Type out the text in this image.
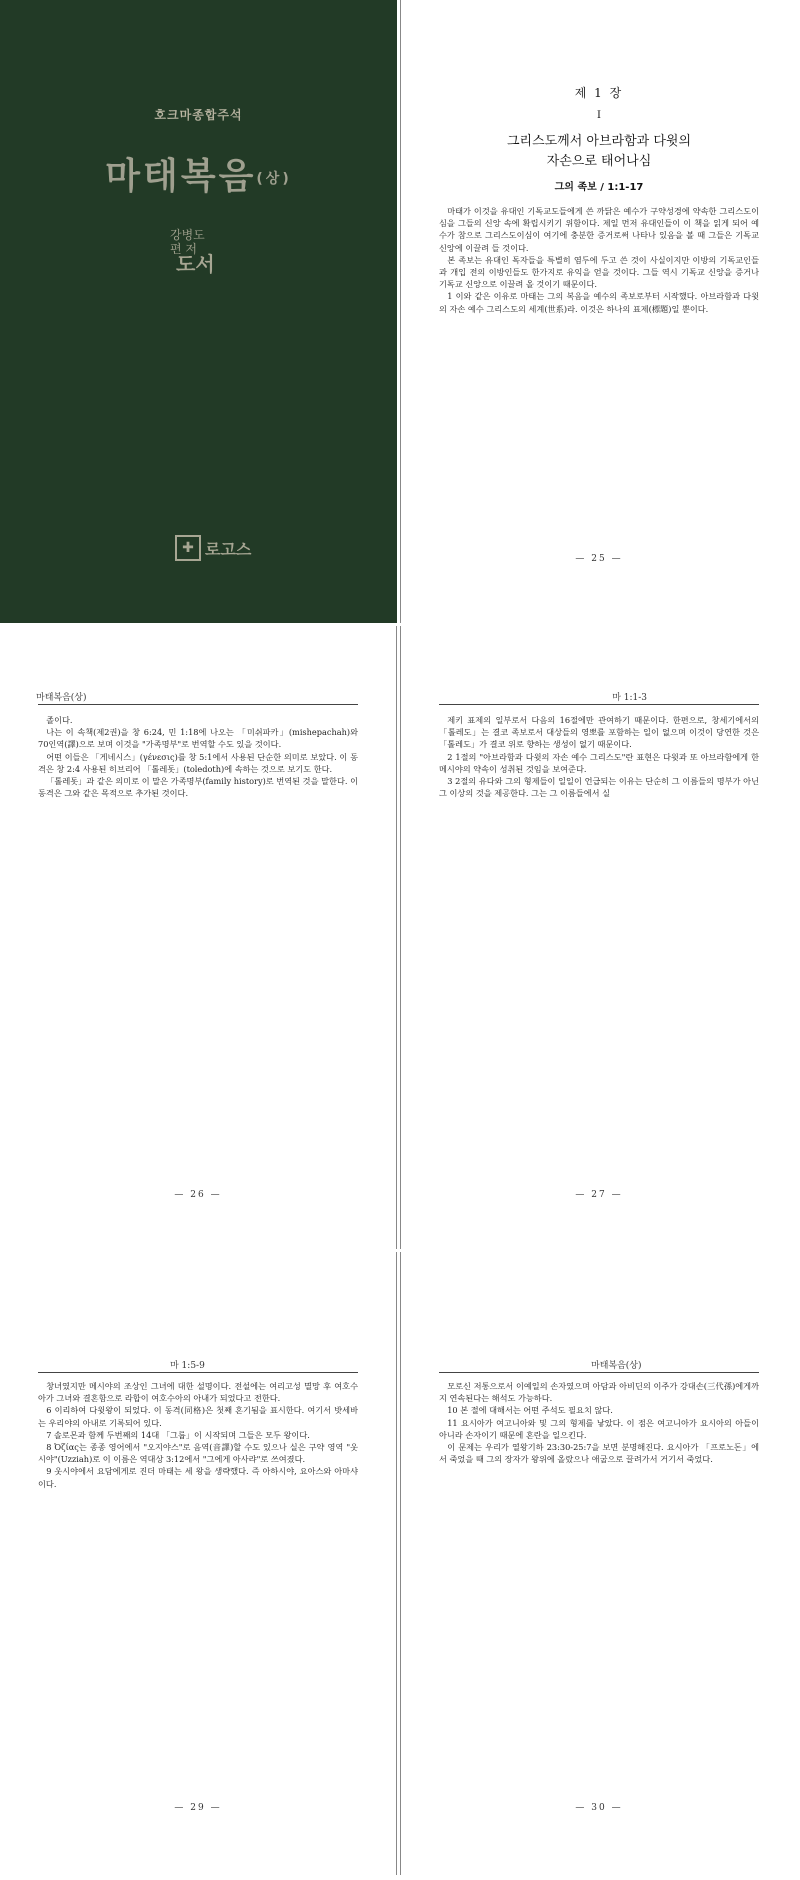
호크마종합주석
마태복음(상)
강병도
편 저
도서
✚ 로고스
제 1 장
I
그리스도께서 아브라함과 다윗의
자손으로 태어나심
그의 족보 / 1:1-17

마태가 이것을 유대인 기독교도들에게 쓴 까닭은 예수가 구약성경에 약속한 그리스도이심을 그들의 신앙 속에 확립시키기 위함이다. 제일 먼저 유대인들이 이 책을 읽게 되어 예수가 참으로 그리스도이심이 여기에 충분한 증거로써 나타나 있음을 볼 때 그들은 기독교 신앙에 이끌려 들 것이다.

본 족보는 유대인 독자들을 특별히 염두에 두고 쓴 것이 사실이지만 이방의 기독교인들과 개입 전의 이방인들도 한가지로 유익을 얻을 것이다. 그들 역시 기독교 신앙을 증거나 기독교 신앙으로 이끌려 올 것이기 때문이다.

1 이와 같은 이유로 마태는 그의 복음을 예수의 족보로부터 시작했다. 아브라함과 다윗의 자손 예수 그리스도의 세계(世系)라. 이것은 하나의 표제(標題)일 뿐이다.

— 25 —
마태복음(상)

졸이다.

나는 이 속책(제2권)을 창 6:24, 민 1:18에 나오는 「미쉬파카」(mishepachah)와 70인역(譯)으로 보며 이것을 "가족명부"로 번역할 수도 있을 것이다.

어떤 이들은 「게네시스」(γένεσις)를 창 5:1에서 사용된 단순한 의미로 보았다. 이 동격은 창 2:4 사용된 히브리어 「톨레돗」(toledoth)에 속하는 것으로 보기도 한다.

「톨레돗」과 같은 의미로 이 말은 가족명부(family history)로 번역된 것을 말한다. 이 동격은 그와 같은 목적으로 추가된 것이다.

— 26 —
마 1:1-3

제키 표제의 일부로서 다음의 16절에만 관여하기 때문이다. 한편으로, 창세기에서의 「톨레도」는 결코 족보로서 대상들의 영뽀를 포함하는 일이 없으며 이것이 당연한 것은 「톨레도」가 결코 위로 향하는 생성이 없기 때문이다.

2 1절의 "아브라함과 다윗의 자손 예수 그리스도"란 표현은 다윗과 또 아브라함에게 한 메시야의 약속이 성취된 것임을 보여준다.

3 2절의 유다와 그의 형제들이 일일이 언급되는 이유는 단순히 그 이름들의 명부가 아닌 그 이상의 것을 제공한다. 그는 그 이름들에서 실

— 27 —
마 1:5-9

창녀였지만 메시야의 조상인 그녀에 대한 설명이다. 전설에는 여리고성 멸망 후 여호수아가 그녀와 결혼함으로 라합이 여호수아의 아내가 되었다고 전한다.

6 이리하여 다윗왕이 되었다. 이 동격(同格)은 첫째 혼기됨을 표시한다. 여기서 밧세바는 우리야의 아내로 기록되어 있다.

7 솔로몬과 함께 두번째의 14대 「그룹」이 시작되며 그들은 모두 왕이다.

8 Ὀζίας는 종종 영어에서 "오지야스"로 음역(音譯)할 수도 있으나 실은 구약 영역 "웃시야"(Uzziah)로 이 이름은 역대상 3:12에서 "그에게 아사랴"로 쓰여졌다.

9 웃시야에서 요담에게로 진더 마태는 세 왕을 생략했다. 즉 아하시야, 요아스와 아마샤이다.

— 29 —
마태복음(상)

모로신 저통으로서 이예일의 손자였으며 아담과 아비딘의 이주가 강대손(三代孫)에게까지 연속된다는 해석도 가능하다.

10 본 절에 대해서는 어떤 주석도 필요치 않다.

11 요시아가 여고니아와 및 그의 형제를 낳았다. 이 점은 여고니아가 요시아의 아들이 아니라 손자이기 때문에 혼란을 일으킨다.

이 문제는 우리가 열왕기하 23:30-25:7을 보면 분명해진다. 요시아가 「프로노돈」에서 죽었을 때 그의 장자가 왕위에 올랐으나 애굽으로 끌려가서 거기서 죽었다.

— 30 —
